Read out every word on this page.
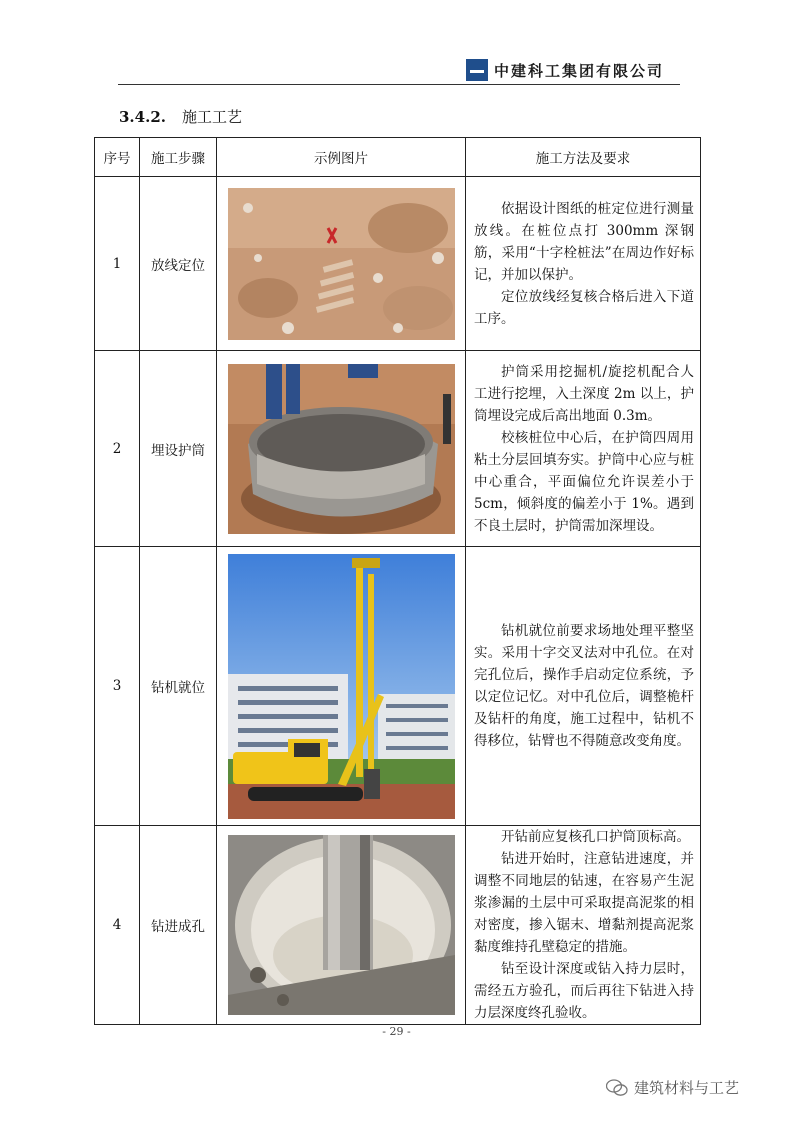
中建科工集团有限公司
3.4.2. 施工工艺
序号	施工步骤	示例图片	施工方法及要求
1	放线定位		依据设计图纸的桩定位进行测量放线。在桩位点打 300mm 深钢筋，采用“十字栓桩法”在周边作好标记，并加以保护。

定位放线经复核合格后进入下道工序。

2	埋设护筒		护筒采用挖掘机/旋挖机配合人工进行挖埋，入土深度 2m 以上，护筒埋设完成后高出地面 0.3m。

校核桩位中心后，在护筒四周用粘土分层回填夯实。护筒中心应与桩中心重合，平面偏位允许误差小于 5cm，倾斜度的偏差小于 1%。遇到不良土层时，护筒需加深埋设。

3	钻机就位		钻机就位前要求场地处理平整坚实。采用十字交叉法对中孔位。在对完孔位后，操作手启动定位系统，予以定位记忆。对中孔位后，调整桅杆及钻杆的角度，施工过程中，钻机不得移位，钻臂也不得随意改变角度。

4	钻进成孔		开钻前应复核孔口护筒顶标高。

钻进开始时，注意钻进速度，并调整不同地层的钻速，在容易产生泥浆渗漏的土层中可采取提高泥浆的相对密度，掺入锯末、增黏剂提高泥浆黏度维持孔壁稳定的措施。

钻至设计深度或钻入持力层时，需经五方验孔，而后再往下钻进入持力层深度终孔验收。

- 29 -
建筑材料与工艺
